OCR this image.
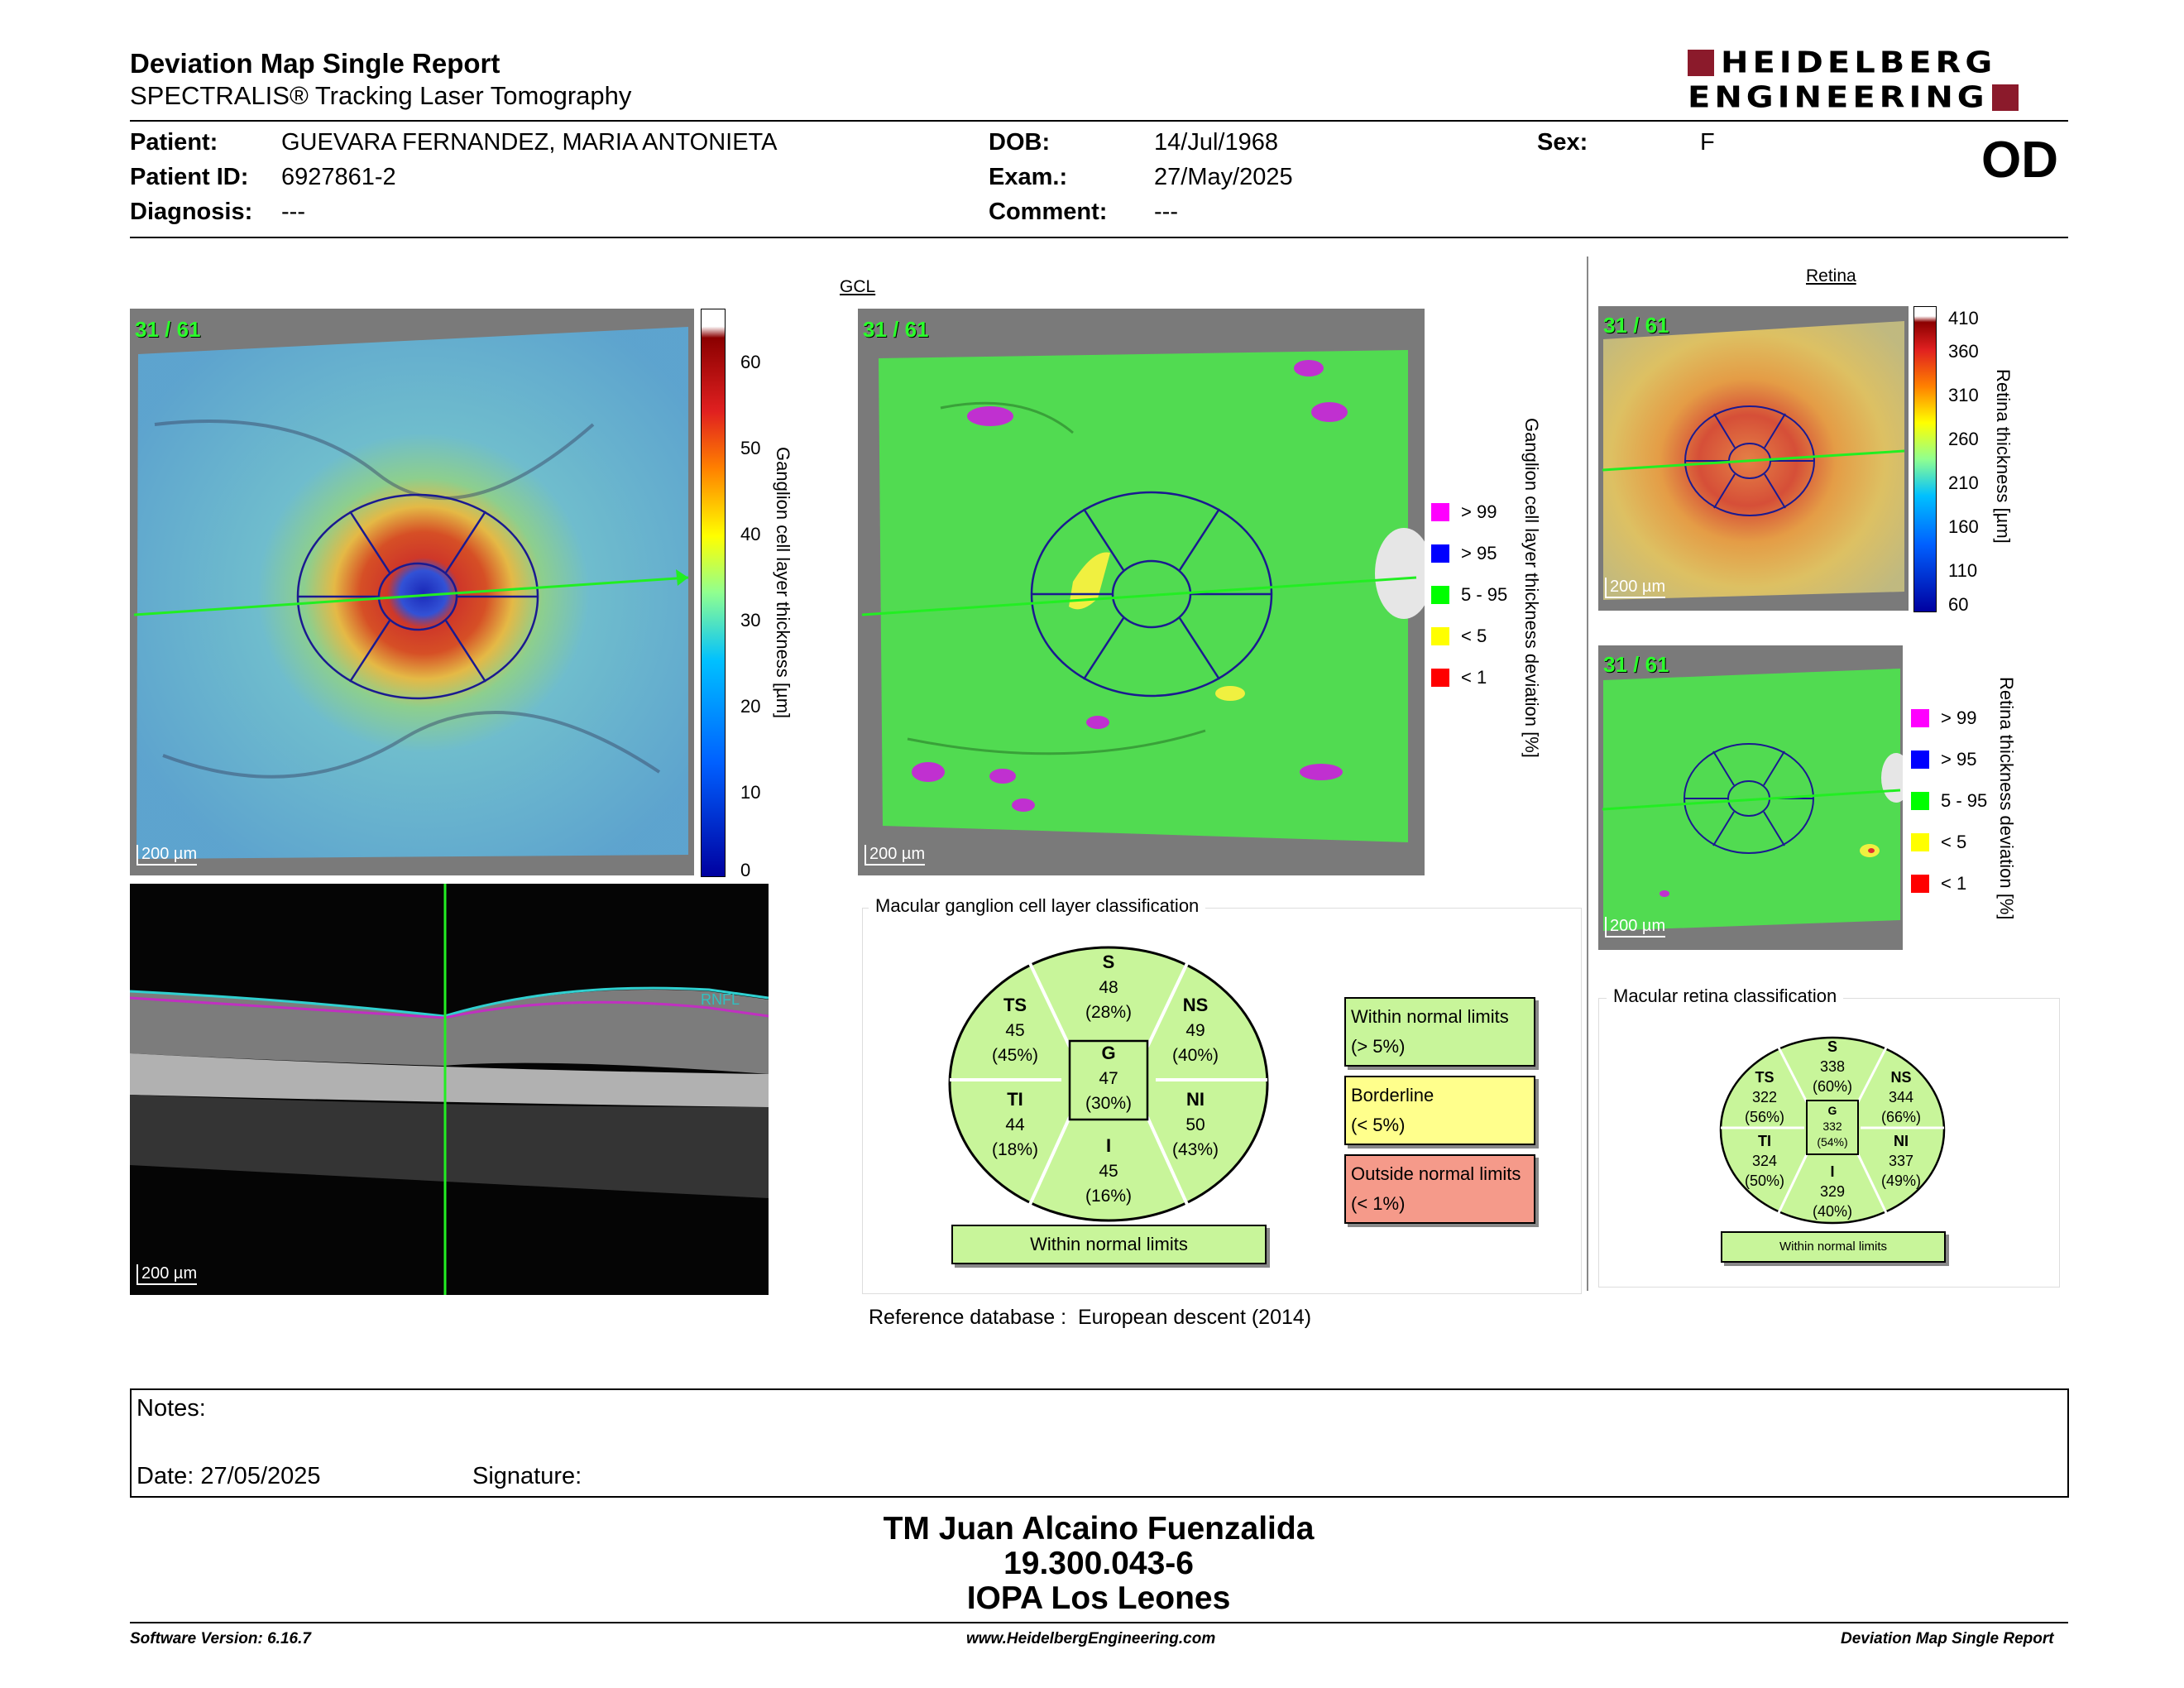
Deviation Map Single Report
SPECTRALIS® Tracking Laser Tomography
HEIDELBERG
ENGINEERING
Patient:	GUEVARA FERNANDEZ, MARIA ANTONIETA
Patient ID: 6927861-2
Diagnosis: ---
DOB:	14/Jul/1968
Exam.:	27/May/2025
Comment: ---
Sex:	F	OD
31 / 61
200 µm
60
50
40
30
20
10
0
Ganglion cell layer thickness [µm]
RNFL
200 µm
GCL
31 / 61
200 µm
> 99
> 95
5 - 95
< 5
< 1 Ganglion cell layer thickness deviation [%]
Macular ganglion cell layer classification
S
48
(28%)
TS
45
(45%)
NS
49
(40%)
G
47
(30%)
TI
44
(18%)
NI
50
(43%)
I
45
(16%)
Within normal limits
Within normal limits
(> 5%)
Borderline
(< 5%)
Outside normal limits
(< 1%)
Reference database : European descent (2014)
Retina
31 / 61
200 µm
410
360
310
260
210
160
110
60
Retina thickness [µm]
31 / 61
200 µm
> 99
> 95
5 - 95
< 5
< 1 Retina thickness deviation [%]
Macular retina classification
S
338
(60%)
TS
322
(56%)
NS
344
(66%)
G
332
(54%)
TI
324
(50%)
NI
337
(49%)
I
329
(40%)
Within normal limits
Notes:
Date: 27/05/2025	Signature:
TM Juan Alcaino Fuenzalida
19.300.043-6
IOPA Los Leones
Software Version: 6.16.7	www.HeidelbergEngineering.com	Deviation Map Single Report
